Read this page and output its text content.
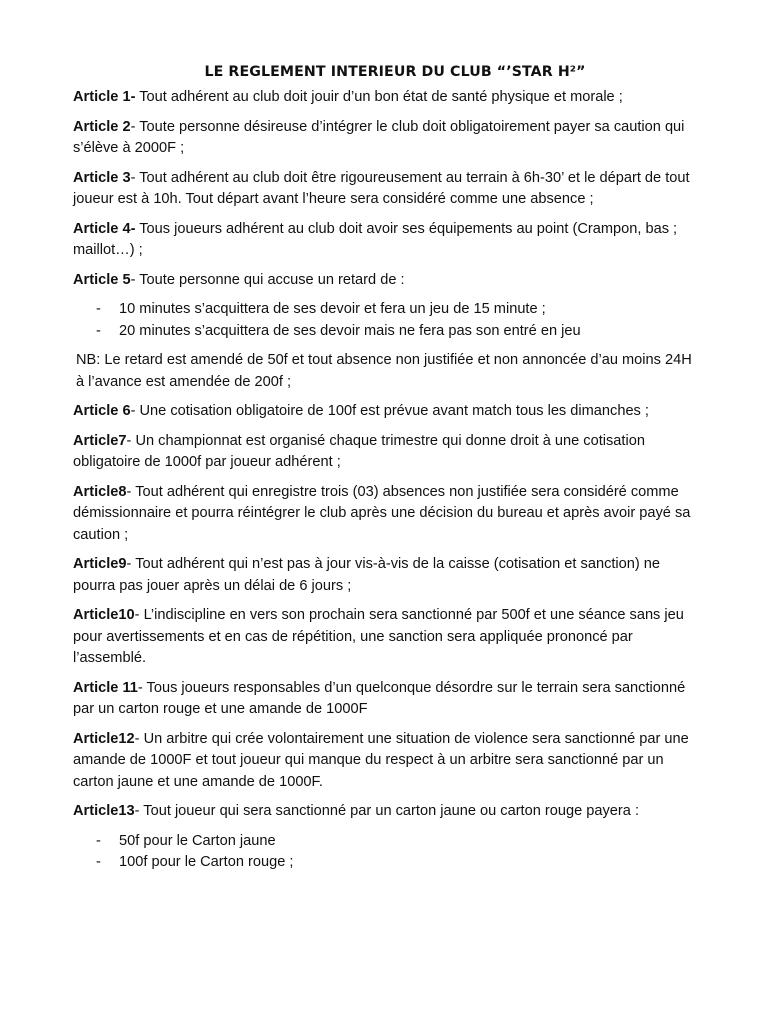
LE REGLEMENT INTERIEUR DU CLUB “’STAR H²”

Article 1- Tout adhérent au club doit jouir d’un bon état de santé physique et morale ;

Article 2- Toute personne désireuse d’intégrer le club doit obligatoirement payer sa caution qui s’élève à 2000F ;

Article 3- Tout adhérent au club doit être rigoureusement au terrain à 6h-30’ et le départ de tout joueur est à 10h. Tout départ avant l’heure sera considéré comme une absence ;

Article 4- Tous joueurs adhérent au club doit avoir ses équipements au point (Crampon, bas ; maillot…) ;

Article 5- Toute personne qui accuse un retard de :

- 10 minutes s’acquittera de ses devoir et fera un jeu de 15 minute ;
- 20 minutes s’acquittera de ses devoir mais ne fera pas son entré en jeu

NB: Le retard est amendé de 50f et tout absence non justifiée et non annoncée d’au moins 24H à l’avance est amendée de 200f ;

Article 6- Une cotisation obligatoire de 100f est prévue avant match tous les dimanches ;

Article7- Un championnat est organisé chaque trimestre qui donne droit à une cotisation obligatoire de 1000f par joueur adhérent ;

Article8- Tout adhérent qui enregistre trois (03) absences non justifiée sera considéré comme démissionnaire et pourra réintégrer le club après une décision du bureau et après avoir payé sa caution ;

Article9- Tout adhérent qui n’est pas à jour vis-à-vis de la caisse (cotisation et sanction) ne pourra pas jouer après un délai de 6 jours ;

Article10- L’indiscipline en vers son prochain sera sanctionné par 500f et une séance sans jeu pour avertissements et en cas de répétition, une sanction sera appliquée prononcé par l’assemblé.

Article 11- Tous joueurs responsables d’un quelconque désordre sur le terrain sera sanctionné par un carton rouge et une amande de 1000F

Article12- Un arbitre qui crée volontairement une situation de violence sera sanctionné par une amande de 1000F et tout joueur qui manque du respect à un arbitre sera sanctionné par un carton jaune et une amande de 1000F.

Article13- Tout joueur qui sera sanctionné par un carton jaune ou carton rouge payera :

- 50f pour le Carton jaune
- 100f pour le Carton rouge ;
